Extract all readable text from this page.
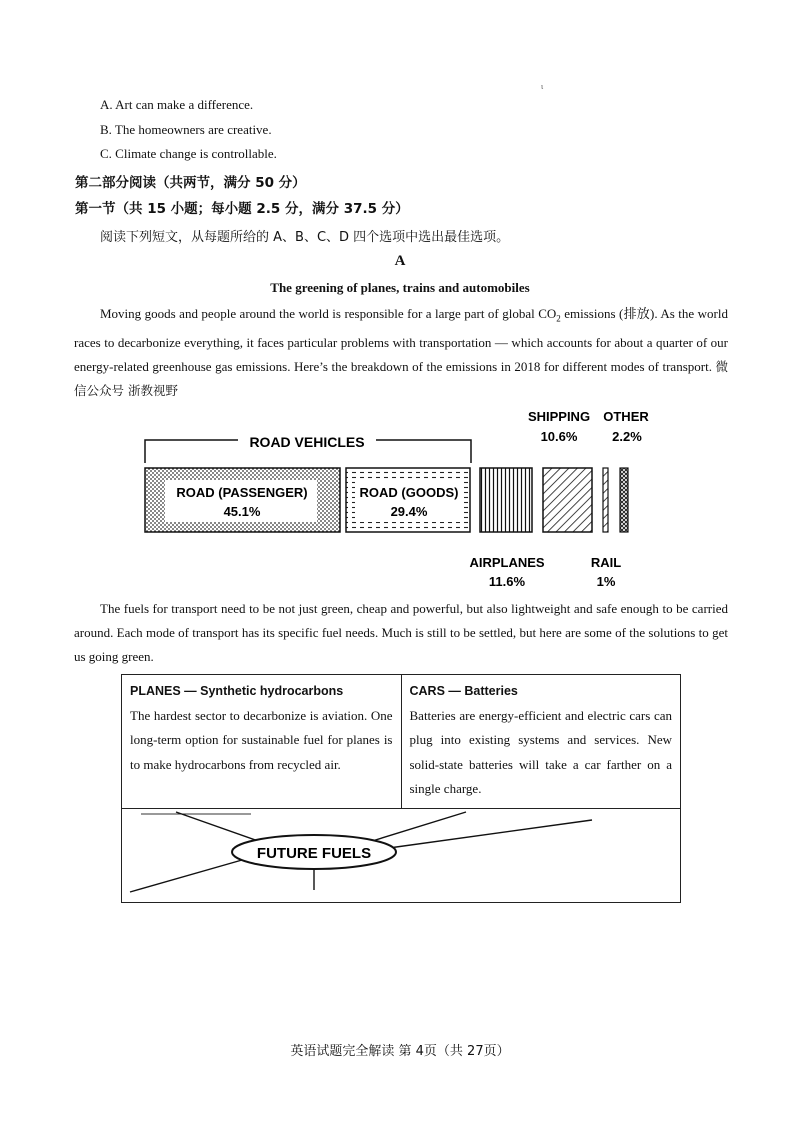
ι
A. Art can make a difference.
B. The homeowners are creative.
C. Climate change is controllable.
第二部分阅读（共两节，满分 50 分）
第一节（共 15 小题；每小题 2.5 分，满分 37.5 分）
阅读下列短文，从每题所给的 A、B、C、D 四个选项中选出最佳选项。
A
The greening of planes, trains and automobiles
Moving goods and people around the world is responsible for a large part of global $CO_2$ emissions (排放). As the world races to decarbonize everything, it faces particular problems with transportation — which accounts for about a quarter of our energy-related greenhouse gas emissions. Here’s the breakdown of the emissions in 2018 for different modes of transport. 微信公众号 浙教视野
ROAD VEHICLES
ROAD (PASSENGER)
45.1%
ROAD (GOODS)
29.4%
AIRPLANES
11.6%
SHIPPING
10.6%
RAIL
1%
OTHER
2.2%
The fuels for transport need to be not just green, cheap and powerful, but also lightweight and safe enough to be carried around. Each mode of transport has its specific fuel needs. Much is still to be settled, but here are some of the solutions to get us going green.
PLANES — Synthetic hydrocarbons
The hardest sector to decarbonize is aviation. One long-term option for sustainable fuel for planes is to make hydrocarbons from recycled air.

CARS — Batteries
Batteries are energy-efficient and electric cars can plug into existing systems and services. New solid-state batteries will take a car farther on a single charge.
FUTURE FUELS
英语试题完全解读 第 4页（共 27页）
